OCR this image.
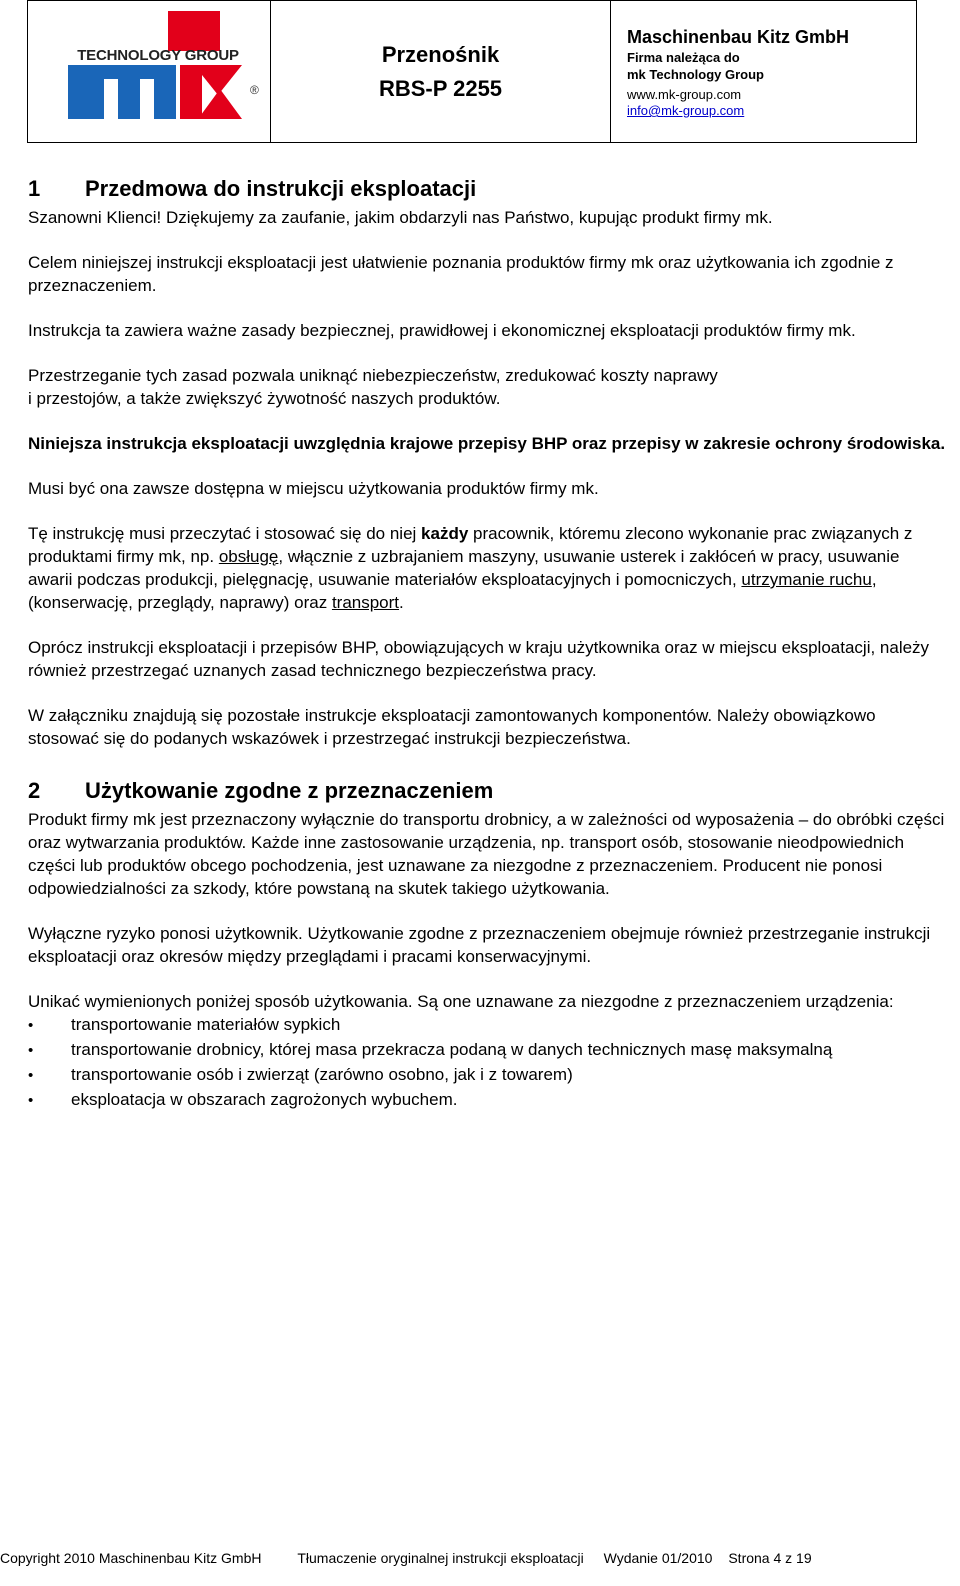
TECHNOLOGY GROUP
®
Przenośnik
RBS-P 2255
Maschinenbau Kitz GmbH
Firma należąca do
mk Technology Group
www.mk-group.com
info@mk-group.com
1 Przedmowa do instrukcji eksploatacji

Szanowni Klienci! Dziękujemy za zaufanie, jakim obdarzyli nas Państwo, kupując produkt firmy mk.

Celem niniejszej instrukcji eksploatacji jest ułatwienie poznania produktów firmy mk oraz użytkowania ich zgodnie z przeznaczeniem.

Instrukcja ta zawiera ważne zasady bezpiecznej, prawidłowej i ekonomicznej eksploatacji produktów firmy mk.

Przestrzeganie tych zasad pozwala uniknąć niebezpieczeństw, zredukować koszty naprawy
i przestojów, a także zwiększyć żywotność naszych produktów.

Niniejsza instrukcja eksploatacji uwzględnia krajowe przepisy BHP oraz przepisy w zakresie ochrony środowiska.

Musi być ona zawsze dostępna w miejscu użytkowania produktów firmy mk.

Tę instrukcję musi przeczytać i stosować się do niej każdy pracownik, któremu zlecono wykonanie prac związanych z produktami firmy mk, np. obsługę, włącznie z uzbrajaniem maszyny, usuwanie usterek i zakłóceń w pracy, usuwanie awarii podczas produkcji, pielęgnację, usuwanie materiałów eksploatacyjnych i pomocniczych, utrzymanie ruchu, (konserwację, przeglądy, naprawy) oraz transport.

Oprócz instrukcji eksploatacji i przepisów BHP, obowiązujących w kraju użytkownika oraz w miejscu eksploatacji, należy również przestrzegać uznanych zasad technicznego bezpieczeństwa pracy.

W załączniku znajdują się pozostałe instrukcje eksploatacji zamontowanych komponentów. Należy obowiązkowo stosować się do podanych wskazówek i przestrzegać instrukcji bezpieczeństwa.

2 Użytkowanie zgodne z przeznaczeniem

Produkt firmy mk jest przeznaczony wyłącznie do transportu drobnicy, a w zależności od wyposażenia – do obróbki części oraz wytwarzania produktów. Każde inne zastosowanie urządzenia, np. transport osób, stosowanie nieodpowiednich części lub produktów obcego pochodzenia, jest uznawane za niezgodne z przeznaczeniem. Producent nie ponosi odpowiedzialności za szkody, które powstaną na skutek takiego użytkowania.

Wyłączne ryzyko ponosi użytkownik. Użytkowanie zgodne z przeznaczeniem obejmuje również przestrzeganie instrukcji eksploatacji oraz okresów między przeglądami i pracami konserwacyjnymi.

Unikać wymienionych poniżej sposób użytkowania. Są one uznawane za niezgodne z przeznaczeniem urządzenia:

• transportowanie materiałów sypkich
• transportowanie drobnicy, której masa przekracza podaną w danych technicznych masę maksymalną
• transportowanie osób i zwierząt (zarówno osobno, jak i z towarem)
• eksploatacja w obszarach zagrożonych wybuchem.
Copyright 2010 Maschinenbau Kitz GmbH	Tłumaczenie oryginalnej instrukcji eksploatacji Wydanie 01/2010 Strona 4 z 19
